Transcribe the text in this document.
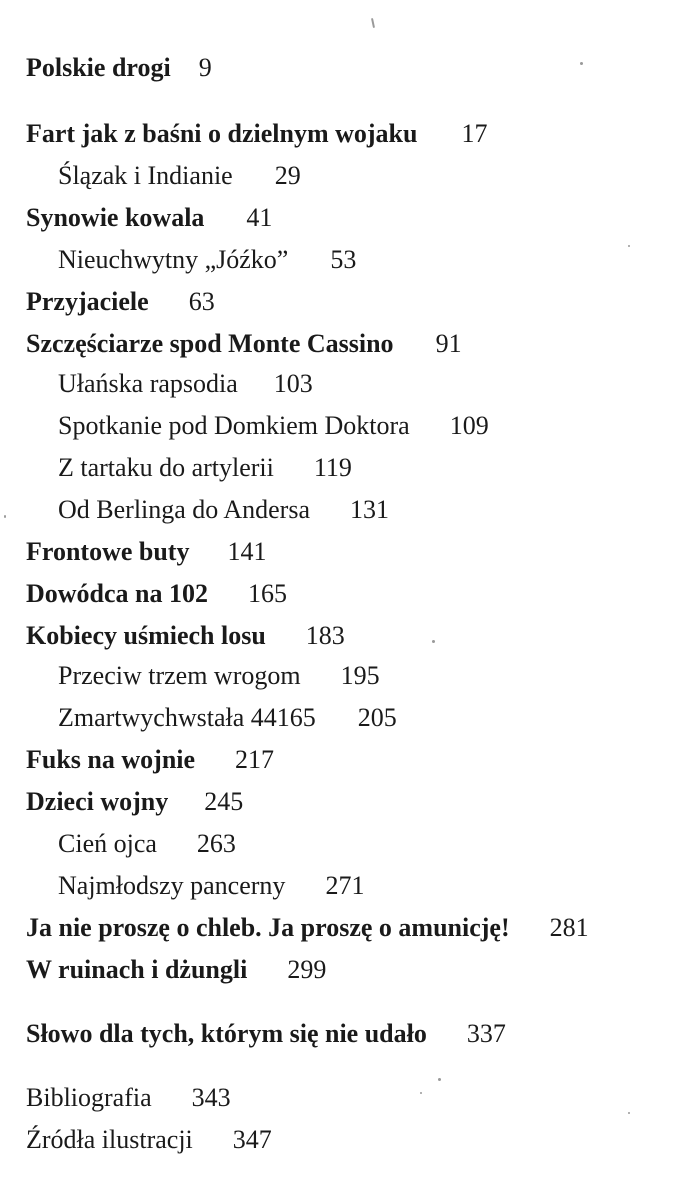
Polskie drogi 9
Fart jak z baśni o dzielnym wojaku 17
Ślązak i Indianie 29
Synowie kowala 41
Nieuchwytny „Jóźko” 53
Przyjaciele 63
Szczęściarze spod Monte Cassino 91
Ułańska rapsodia 103
Spotkanie pod Domkiem Doktora 109
Z tartaku do artylerii 119
Od Berlinga do Andersa 131
Frontowe buty 141
Dowódca na 102 165
Kobiecy uśmiech losu 183
Przeciw trzem wrogom 195
Zmartwychwstała 44165 205
Fuks na wojnie 217
Dzieci wojny 245
Cień ojca 263
Najmłodszy pancerny 271
Ja nie proszę o chleb. Ja proszę o amunicję! 281
W ruinach i dżungli 299
Słowo dla tych, którym się nie udało 337
Bibliografia 343
Źródła ilustracji 347
